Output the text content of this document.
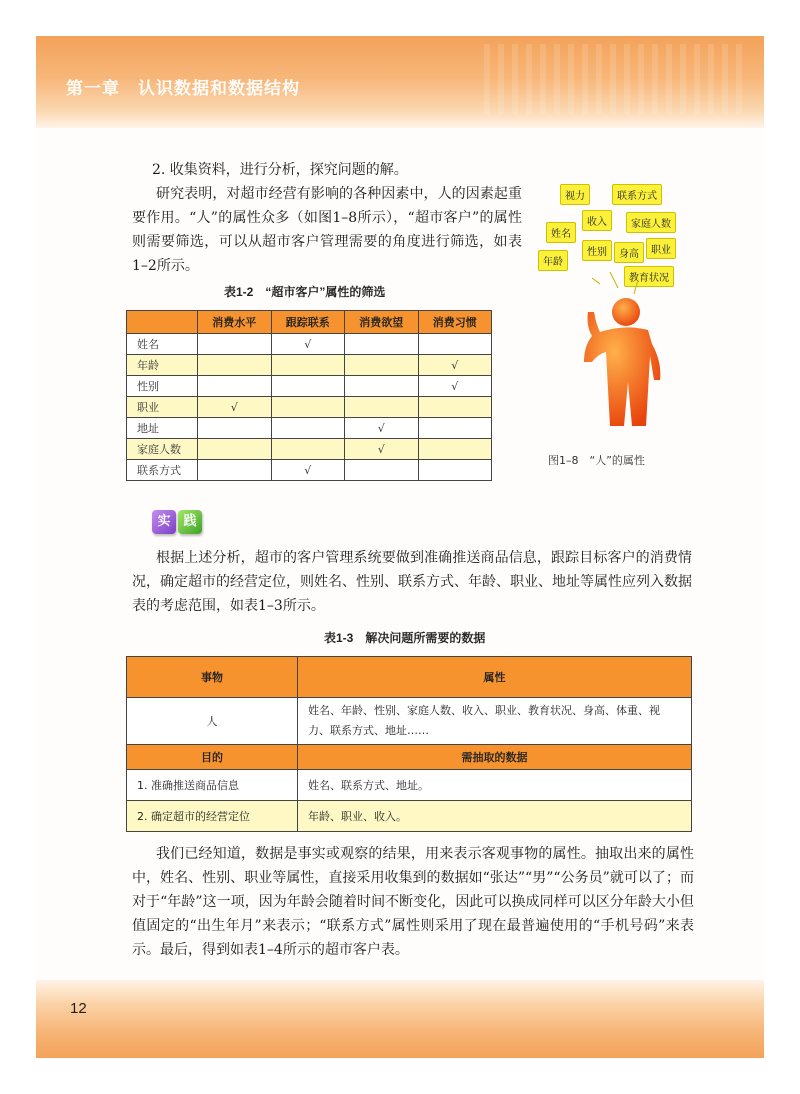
第一章　认识数据和数据结构

2. 收集资料，进行分析，探究问题的解。

研究表明，对超市经营有影响的各种因素中，人的因素起重要作用。“人”的属性众多（如图1–8所示），“超市客户”的属性则需要筛选，可以从超市客户管理需要的角度进行筛选，如表1–2所示。

视力	联系方式
收入	家庭人数
姓名
性别	身高	职业
年龄
教育状况
图1–8　“人”的属性
表1-2　“超市客户”属性的筛选
	消费水平	跟踪联系	消费欲望	消费习惯
姓名		√		
年龄				√
性别				√
职业	√			
地址			√	
家庭人数			√	
联系方式		√		
实 践

根据上述分析，超市的客户管理系统要做到准确推送商品信息，跟踪目标客户的消费情况，确定超市的经营定位，则姓名、性别、联系方式、年龄、职业、地址等属性应列入数据表的考虑范围，如表1–3所示。

表1-3　解决问题所需要的数据
事物	属性
人	姓名、年龄、性别、家庭人数、收入、职业、教育状况、身高、体重、视力、联系方式、地址……
目的	需抽取的数据
1. 准确推送商品信息	姓名、联系方式、地址。
2. 确定超市的经营定位	年龄、职业、收入。

我们已经知道，数据是事实或观察的结果，用来表示客观事物的属性。抽取出来的属性中，姓名、性别、职业等属性，直接采用收集到的数据如“张达”“男”“公务员”就可以了；而对于“年龄”这一项，因为年龄会随着时间不断变化，因此可以换成同样可以区分年龄大小但值固定的“出生年月”来表示；“联系方式”属性则采用了现在最普遍使用的“手机号码”来表示。最后，得到如表1–4所示的超市客户表。

12
